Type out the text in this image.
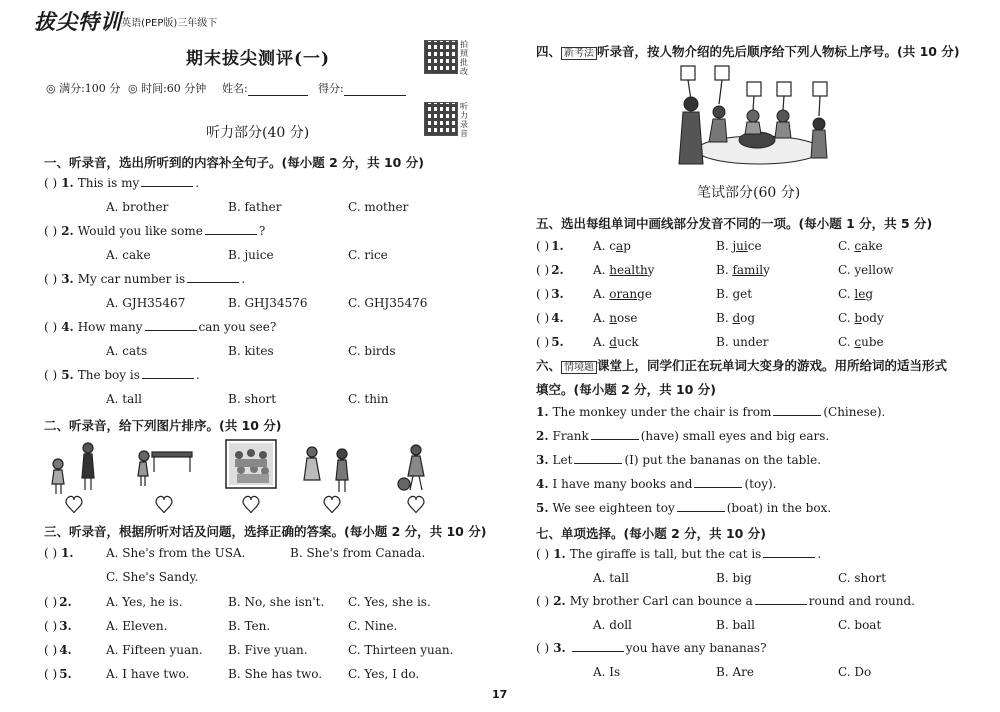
拔尖特训
• 英语(PEP版)三年级下
期末拔尖测评(一)
◎ 满分:100 分 ◎ 时间:60 分钟 姓名:	得分:
拍照批改
听力录音
听力部分(40 分)
一、听录音，选出所听到的内容补全句子。(每小题 2 分，共 10 分)
( ) 1. This is my	.
A. brother	B. father	C. mother
( ) 2. Would you like some	?
A. cake	B. juice	C. rice
( ) 3. My car number is	.
A. GJH35467	B. GHJ34576	C. GHJ35476
( ) 4. How many	can you see?
A. cats	B. kites	C. birds
( ) 5. The boy is	.
A. tall	B. short	C. thin
二、听录音，给下列图片排序。(共 10 分)
三、听录音，根据所听对话及问题，选择正确的答案。(每小题 2 分，共 10 分)
( ) 1.	A. She's from the USA.	B. She's from Canada.
C. She's Sandy.
( ) 2.	A. Yes, he is.	B. No, she isn't. C. Yes, she is.
( ) 3.	A. Eleven.	B. Ten.	C. Nine.
( ) 4.	A. Fifteen yuan. B. Five yuan.	C. Thirteen yuan.
( ) 5.	A. I have two.	B. She has two. C. Yes, I do.
四、 新考法 听录音，按人物介绍的先后顺序给下列人物标上序号。(共 10 分)
笔试部分(60 分)
五、选出每组单词中画线部分发音不同的一项。(每小题 1 分，共 5 分)
( ) 1. A. cap	B. juice	C. cake
( ) 2. A. healthy	B. family	C. yellow
( ) 3. A. orange	B. get	C. leg
( ) 4. A. nose	B. dog	C. body
( ) 5. A. duck	B. under	C. cube
六、 情境题 课堂上，同学们正在玩单词大变身的游戏。用所给词的适当形式
填空。(每小题 2 分，共 10 分)
1. The monkey under the chair is from	(Chinese).
2. Frank	(have) small eyes and big ears.
3. Let	(I) put the bananas on the table.
4. I have many books and	(toy).
5. We see eighteen toy	(boat) in the box.
七、单项选择。(每小题 2 分，共 10 分)
( ) 1. The giraffe is tall, but the cat is	.
A. tall	B. big	C. short
( ) 2. My brother Carl can bounce a	round and round.
A. doll	B. ball	C. boat
( ) 3.	you have any bananas?
A. Is	B. Are	C. Do
17
